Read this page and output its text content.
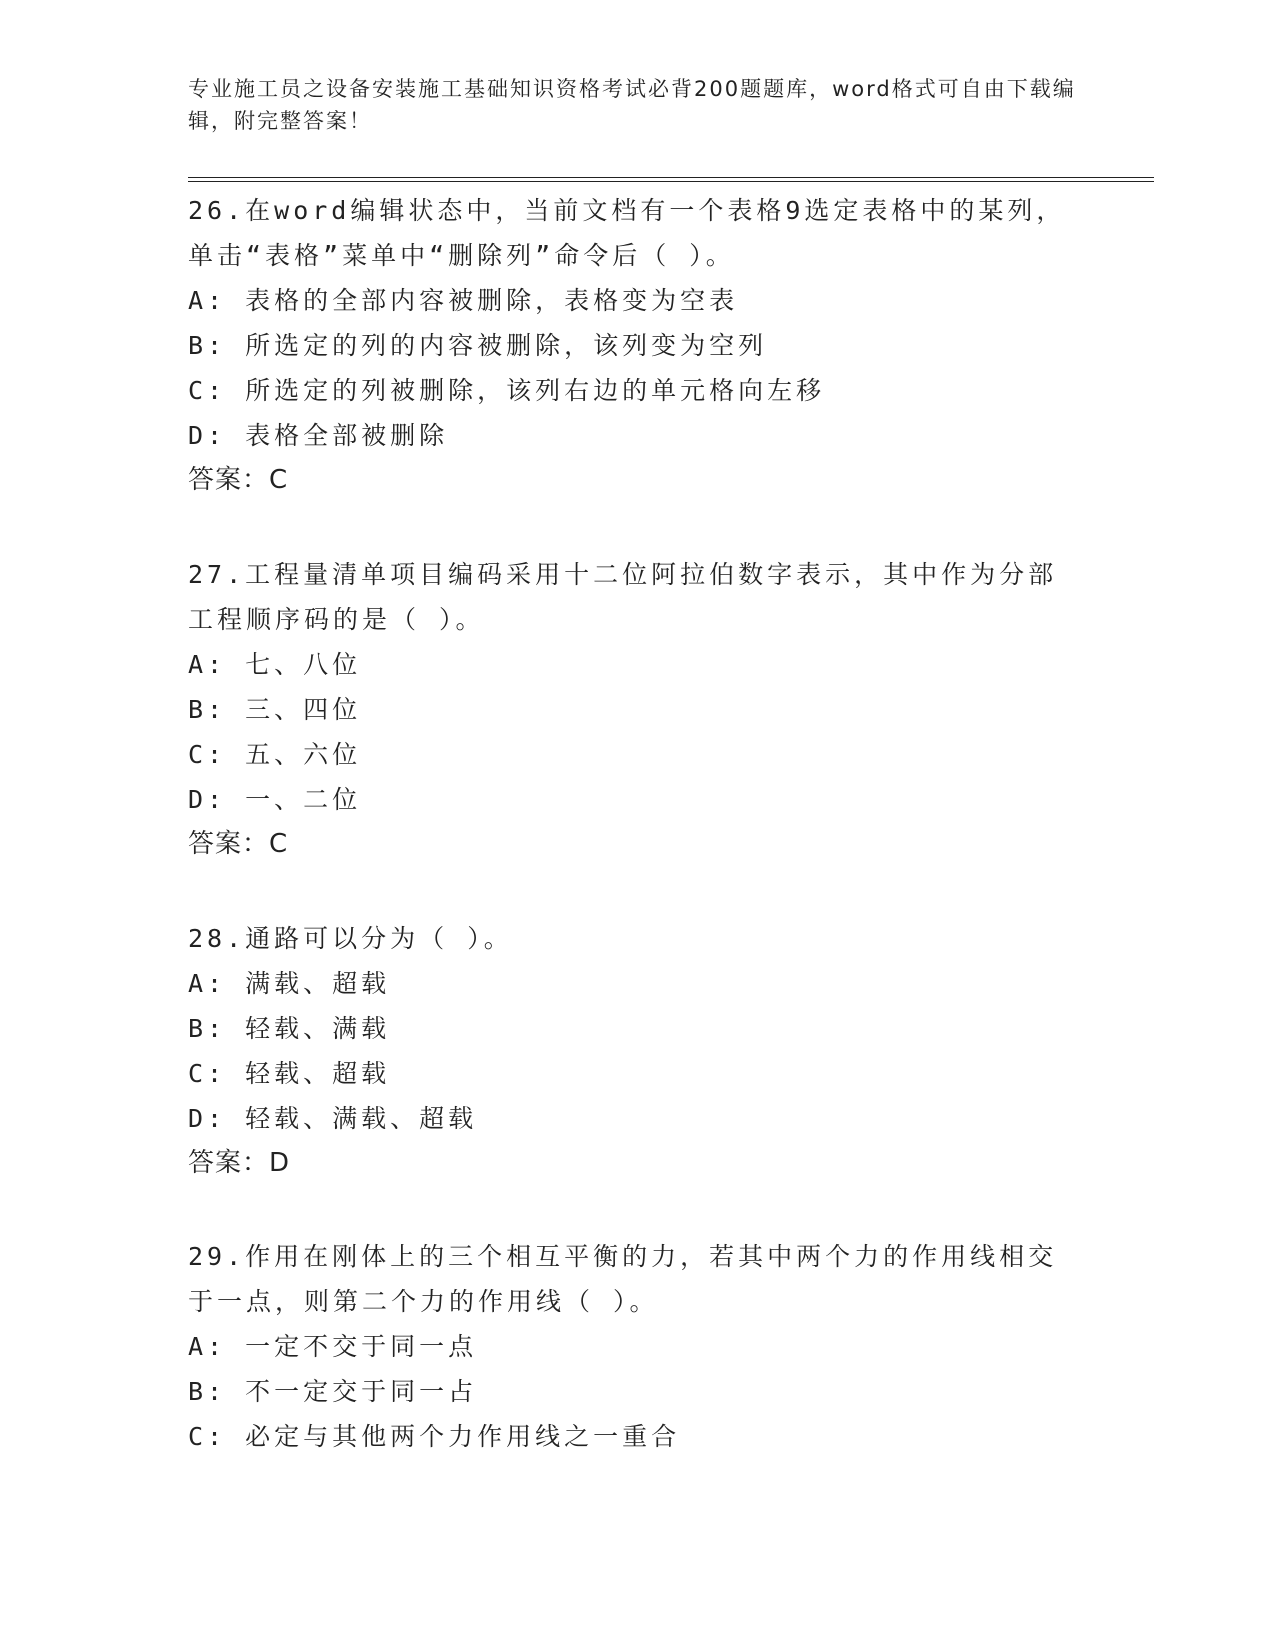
专业施工员之设备安装施工基础知识资格考试必背200题题库，word格式可自由下载编辑，附完整答案！

26.在word编辑状态中，当前文档有一个表格9选定表格中的某列，单击“表格”菜单中“删除列”命令后（ ）。

A: 表格的全部内容被删除，表格变为空表
B: 所选定的列的内容被删除，该列变为空列
C: 所选定的列被删除，该列右边的单元格向左移
D: 表格全部被删除
答案：C

27.工程量清单项目编码采用十二位阿拉伯数字表示，其中作为分部工程顺序码的是（ ）。

A: 七、八位
B: 三、四位
C: 五、六位
D: 一、二位
答案：C

28.通路可以分为（ ）。

A: 满载、超载
B: 轻载、满载
C: 轻载、超载
D: 轻载、满载、超载
答案：D

29.作用在刚体上的三个相互平衡的力，若其中两个力的作用线相交于一点，则第二个力的作用线（ ）。

A: 一定不交于同一点
B: 不一定交于同一占
C: 必定与其他两个力作用线之一重合
